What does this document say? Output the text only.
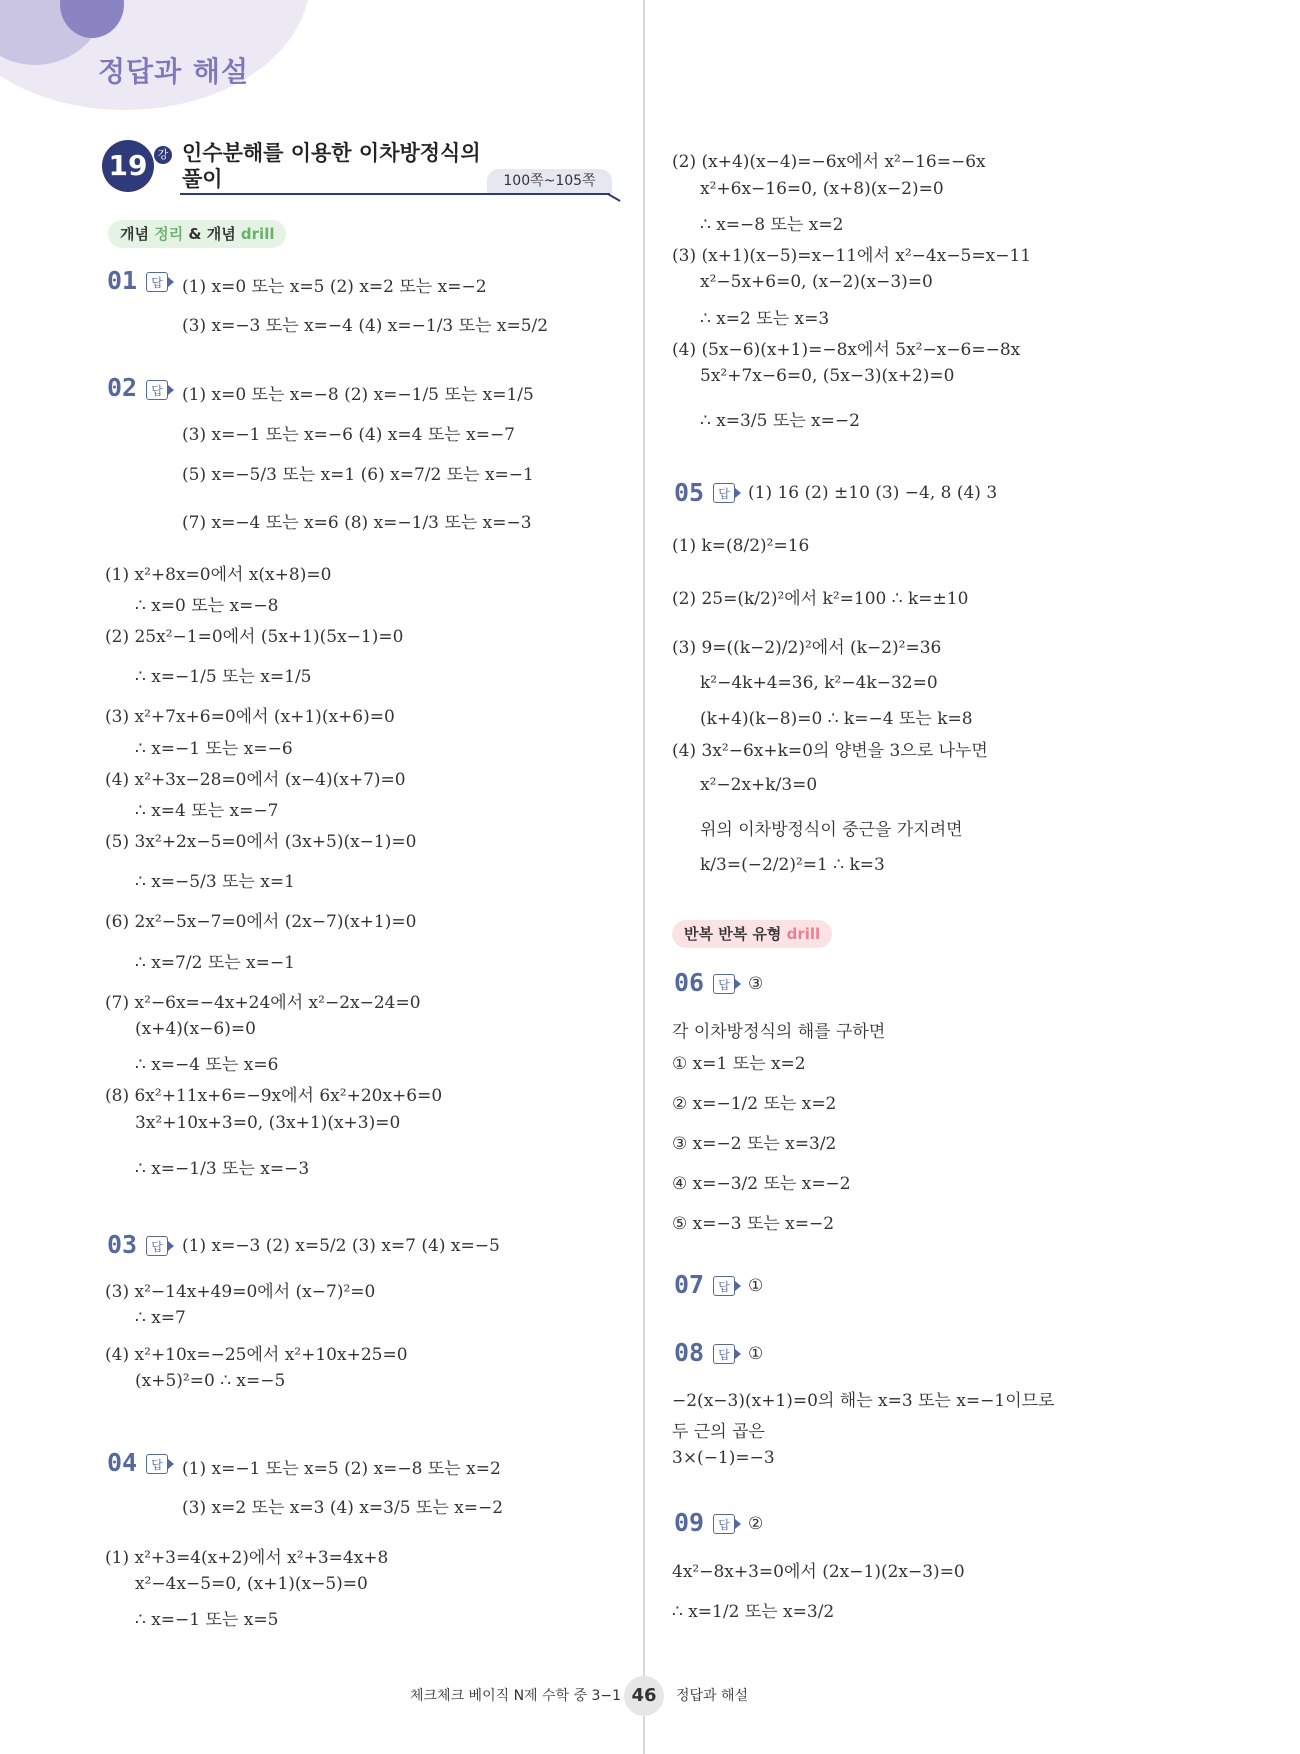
정답과 해설
19 강 인수분해를 이용한 이차방정식의
풀이	100쪽~105쪽
개념 정리 & 개념 drill
01	답	(1) x=0 또는 x=5 (2) x=2 또는 x=−2
(3) x=−3 또는 x=−4 (4) x=−1/3 또는 x=5/2
02	답	(1) x=0 또는 x=−8 (2) x=−1/5 또는 x=1/5
(3) x=−1 또는 x=−6 (4) x=4 또는 x=−7
(5) x=−5/3 또는 x=1 (6) x=7/2 또는 x=−1
(7) x=−4 또는 x=6 (8) x=−1/3 또는 x=−3
(1) x²+8x=0에서 x(x+8)=0
∴ x=0 또는 x=−8
(2) 25x²−1=0에서 (5x+1)(5x−1)=0
∴ x=−1/5 또는 x=1/5
(3) x²+7x+6=0에서 (x+1)(x+6)=0
∴ x=−1 또는 x=−6
(4) x²+3x−28=0에서 (x−4)(x+7)=0
∴ x=4 또는 x=−7
(5) 3x²+2x−5=0에서 (3x+5)(x−1)=0
∴ x=−5/3 또는 x=1
(6) 2x²−5x−7=0에서 (2x−7)(x+1)=0
∴ x=7/2 또는 x=−1
(7) x²−6x=−4x+24에서 x²−2x−24=0
(x+4)(x−6)=0
∴ x=−4 또는 x=6
(8) 6x²+11x+6=−9x에서 6x²+20x+6=0
3x²+10x+3=0, (3x+1)(x+3)=0
∴ x=−1/3 또는 x=−3
03	답	(1) x=−3 (2) x=5/2 (3) x=7 (4) x=−5
(3) x²−14x+49=0에서 (x−7)²=0
∴ x=7
(4) x²+10x=−25에서 x²+10x+25=0
(x+5)²=0 ∴ x=−5
04	답	(1) x=−1 또는 x=5 (2) x=−8 또는 x=2
(3) x=2 또는 x=3 (4) x=3/5 또는 x=−2
(1) x²+3=4(x+2)에서 x²+3=4x+8
x²−4x−5=0, (x+1)(x−5)=0
∴ x=−1 또는 x=5
(2) (x+4)(x−4)=−6x에서 x²−16=−6x
x²+6x−16=0, (x+8)(x−2)=0
∴ x=−8 또는 x=2
(3) (x+1)(x−5)=x−11에서 x²−4x−5=x−11
x²−5x+6=0, (x−2)(x−3)=0
∴ x=2 또는 x=3
(4) (5x−6)(x+1)=−8x에서 5x²−x−6=−8x
5x²+7x−6=0, (5x−3)(x+2)=0
∴ x=3/5 또는 x=−2
05	답	(1) 16 (2) ±10 (3) −4, 8 (4) 3
(1) k=(8/2)²=16
(2) 25=(k/2)²에서 k²=100 ∴ k=±10
(3) 9=((k−2)/2)²에서 (k−2)²=36
k²−4k+4=36, k²−4k−32=0
(k+4)(k−8)=0 ∴ k=−4 또는 k=8
(4) 3x²−6x+k=0의 양변을 3으로 나누면
x²−2x+k/3=0
위의 이차방정식이 중근을 가지려면
k/3=(−2/2)²=1 ∴ k=3
반복 반복 유형 drill
06	답	③
각 이차방정식의 해를 구하면
① x=1 또는 x=2
② x=−1/2 또는 x=2
③ x=−2 또는 x=3/2
④ x=−3/2 또는 x=−2
⑤ x=−3 또는 x=−2
07	답	①
08	답	①
−2(x−3)(x+1)=0의 해는 x=3 또는 x=−1이므로
두 근의 곱은
3×(−1)=−3
09	답	②
4x²−8x+3=0에서 (2x−1)(2x−3)=0
∴ x=1/2 또는 x=3/2
체크체크 베이직 N제 수학 중 3−1 46	정답과 해설
